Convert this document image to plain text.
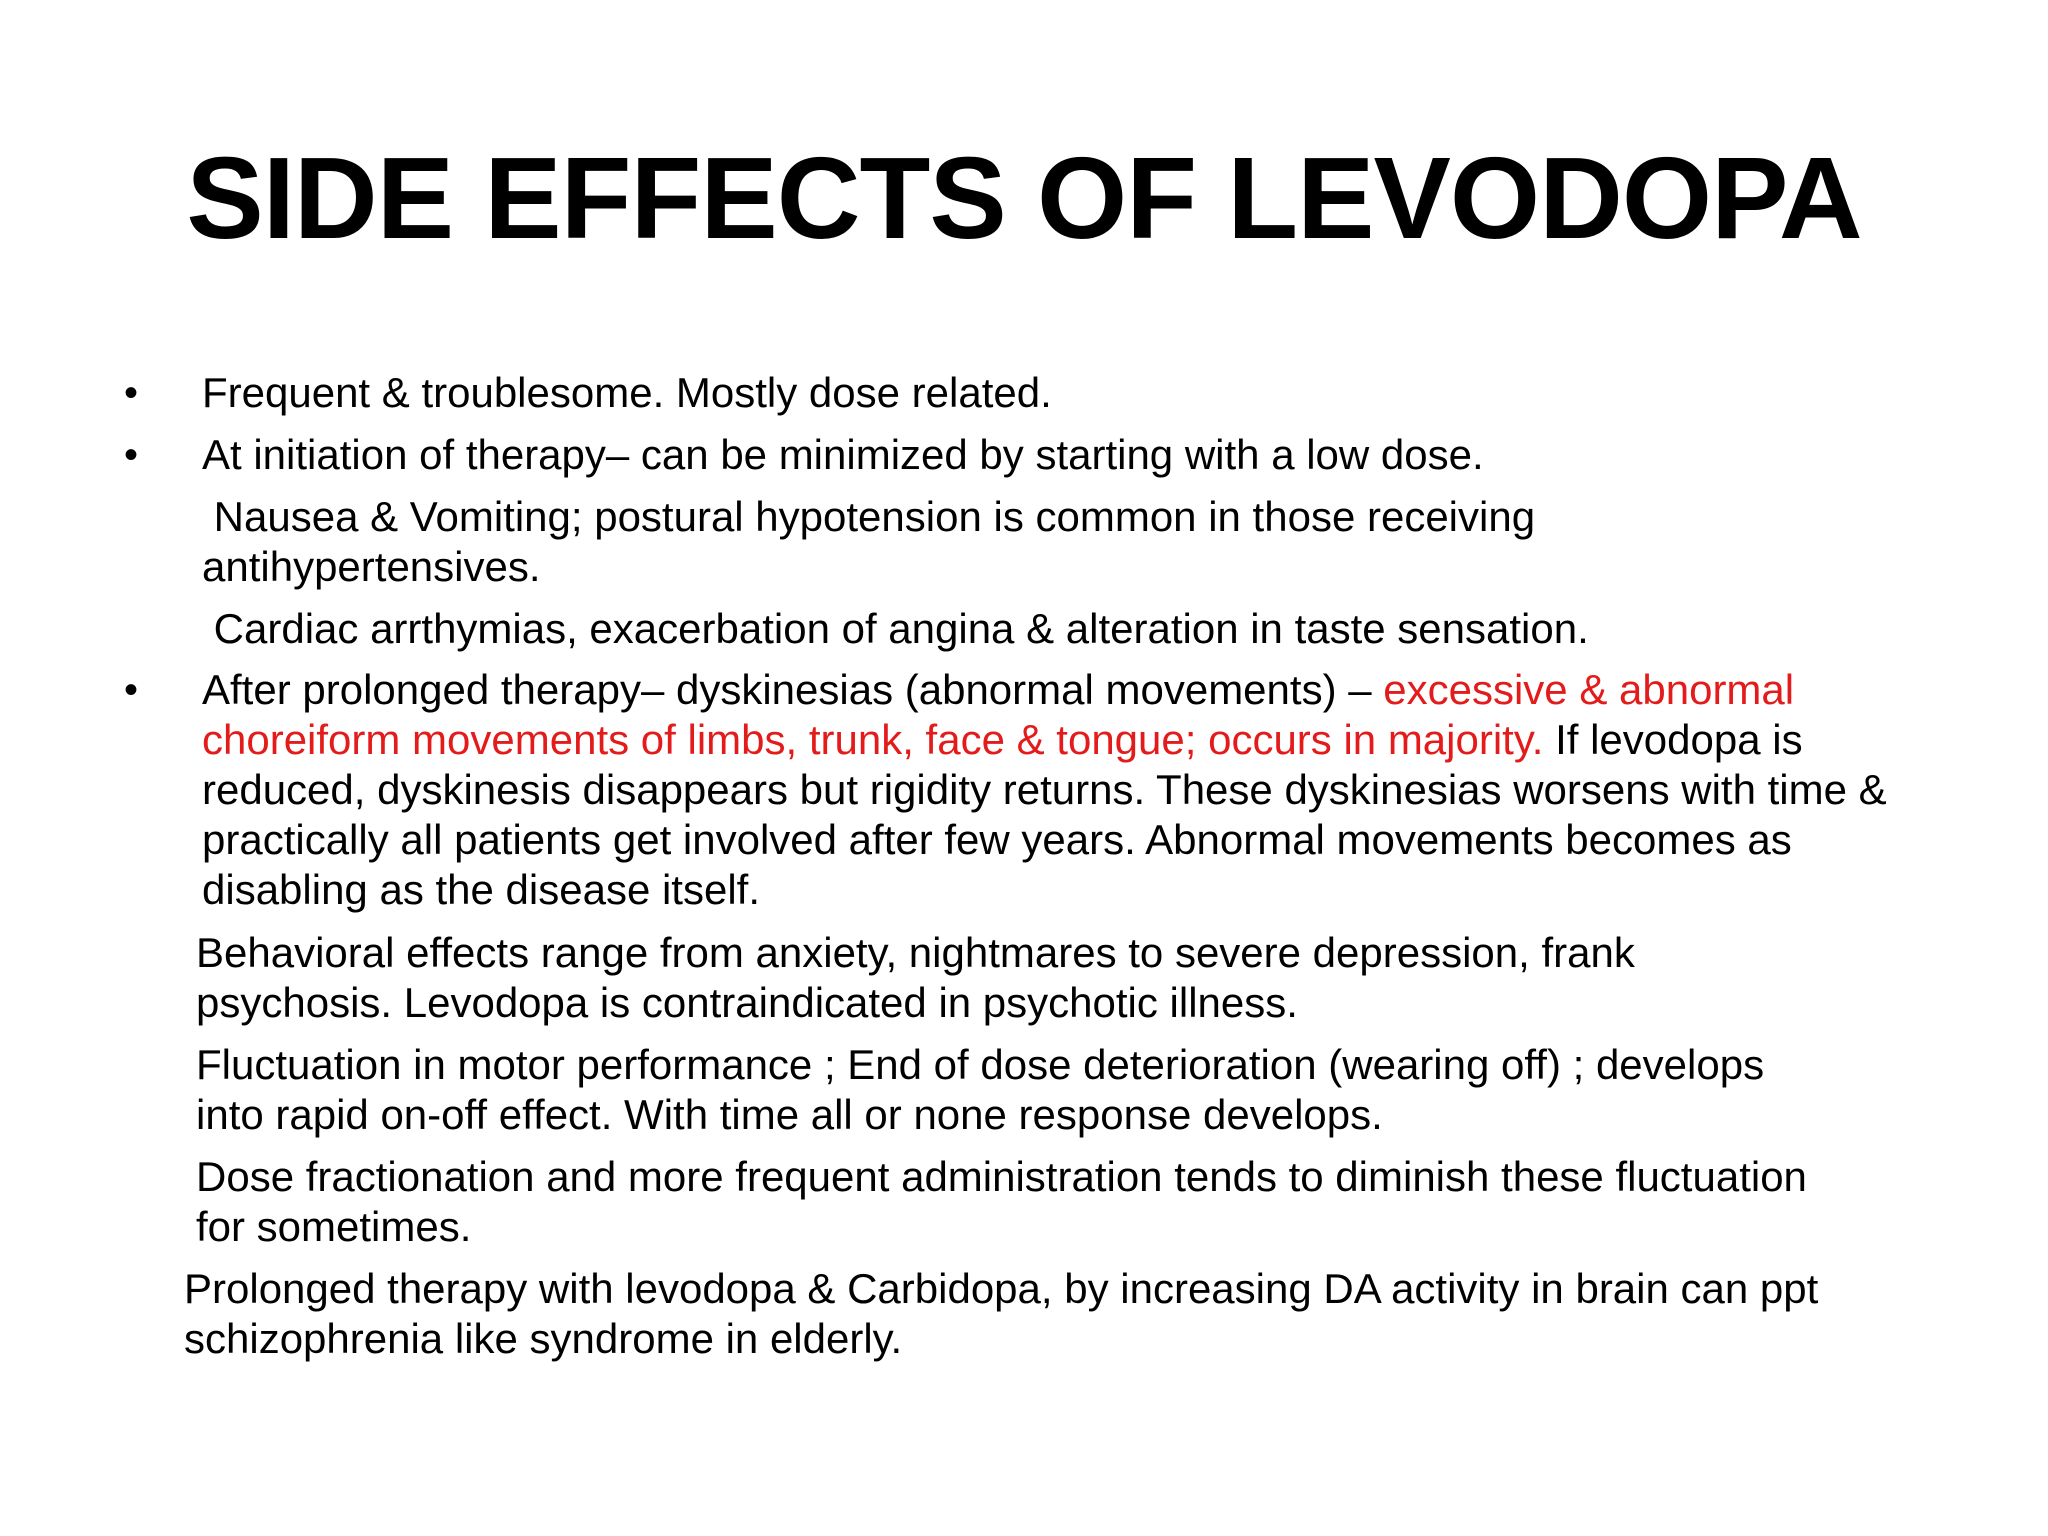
SIDE EFFECTS OF LEVODOPA
• Frequent & troublesome. Mostly dose related.

• At initiation of therapy– can be minimized by starting with a low dose.

Nausea & Vomiting; postural hypotension is common in those receiving antihypertensives.

Cardiac arrthymias, exacerbation of angina & alteration in taste sensation.

• After prolonged therapy– dyskinesias (abnormal movements) – excessive & abnormal choreiform movements of limbs, trunk, face & tongue; occurs in majority. If levodopa is reduced, dyskinesis disappears but rigidity returns. These dyskinesias worsens with time & practically all patients get involved after few years. Abnormal movements becomes as disabling as the disease itself.

Behavioral effects range from anxiety, nightmares to severe depression, frank psychosis. Levodopa is contraindicated in psychotic illness.

Fluctuation in motor performance ; End of dose deterioration (wearing off) ; develops into rapid on-off effect. With time all or none response develops.

Dose fractionation and more frequent administration tends to diminish these fluctuation for sometimes.

Prolonged therapy with levodopa & Carbidopa, by increasing DA activity in brain can ppt schizophrenia like syndrome in elderly.
